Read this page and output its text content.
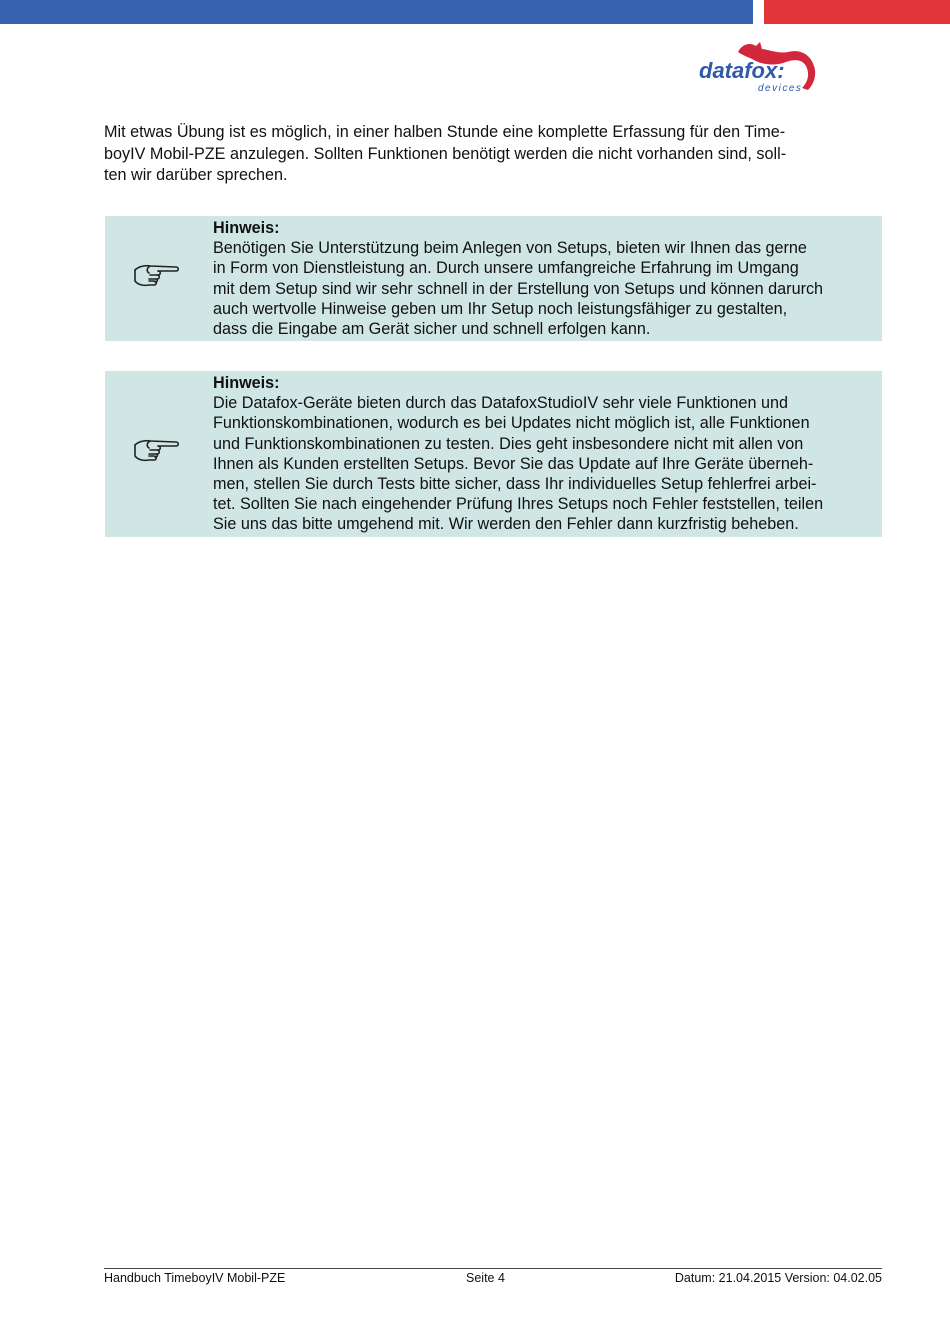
datafox:
devices

Mit etwas Übung ist es möglich, in einer halben Stunde eine komplette Erfassung für den Time-
boyIV Mobil-PZE anzulegen. Sollten Funktionen benötigt werden die nicht vorhanden sind, soll-
ten wir darüber sprechen.

Hinweis:
Benötigen Sie Unterstützung beim Anlegen von Setups, bieten wir Ihnen das gerne
in Form von Dienstleistung an. Durch unsere umfangreiche Erfahrung im Umgang
mit dem Setup sind wir sehr schnell in der Erstellung von Setups und können darurch
auch wertvolle Hinweise geben um Ihr Setup noch leistungsfähiger zu gestalten,
dass die Eingabe am Gerät sicher und schnell erfolgen kann.
Hinweis:
Die Datafox-Geräte bieten durch das DatafoxStudioIV sehr viele Funktionen und
Funktionskombinationen, wodurch es bei Updates nicht möglich ist, alle Funktionen
und Funktionskombinationen zu testen. Dies geht insbesondere nicht mit allen von
Ihnen als Kunden erstellten Setups. Bevor Sie das Update auf Ihre Geräte überneh-
men, stellen Sie durch Tests bitte sicher, dass Ihr individuelles Setup fehlerfrei arbei-
tet. Sollten Sie nach eingehender Prüfung Ihres Setups noch Fehler feststellen, teilen
Sie uns das bitte umgehend mit. Wir werden den Fehler dann kurzfristig beheben.
Handbuch TimeboyIV Mobil-PZE	Seite 4	Datum: 21.04.2015 Version: 04.02.05
